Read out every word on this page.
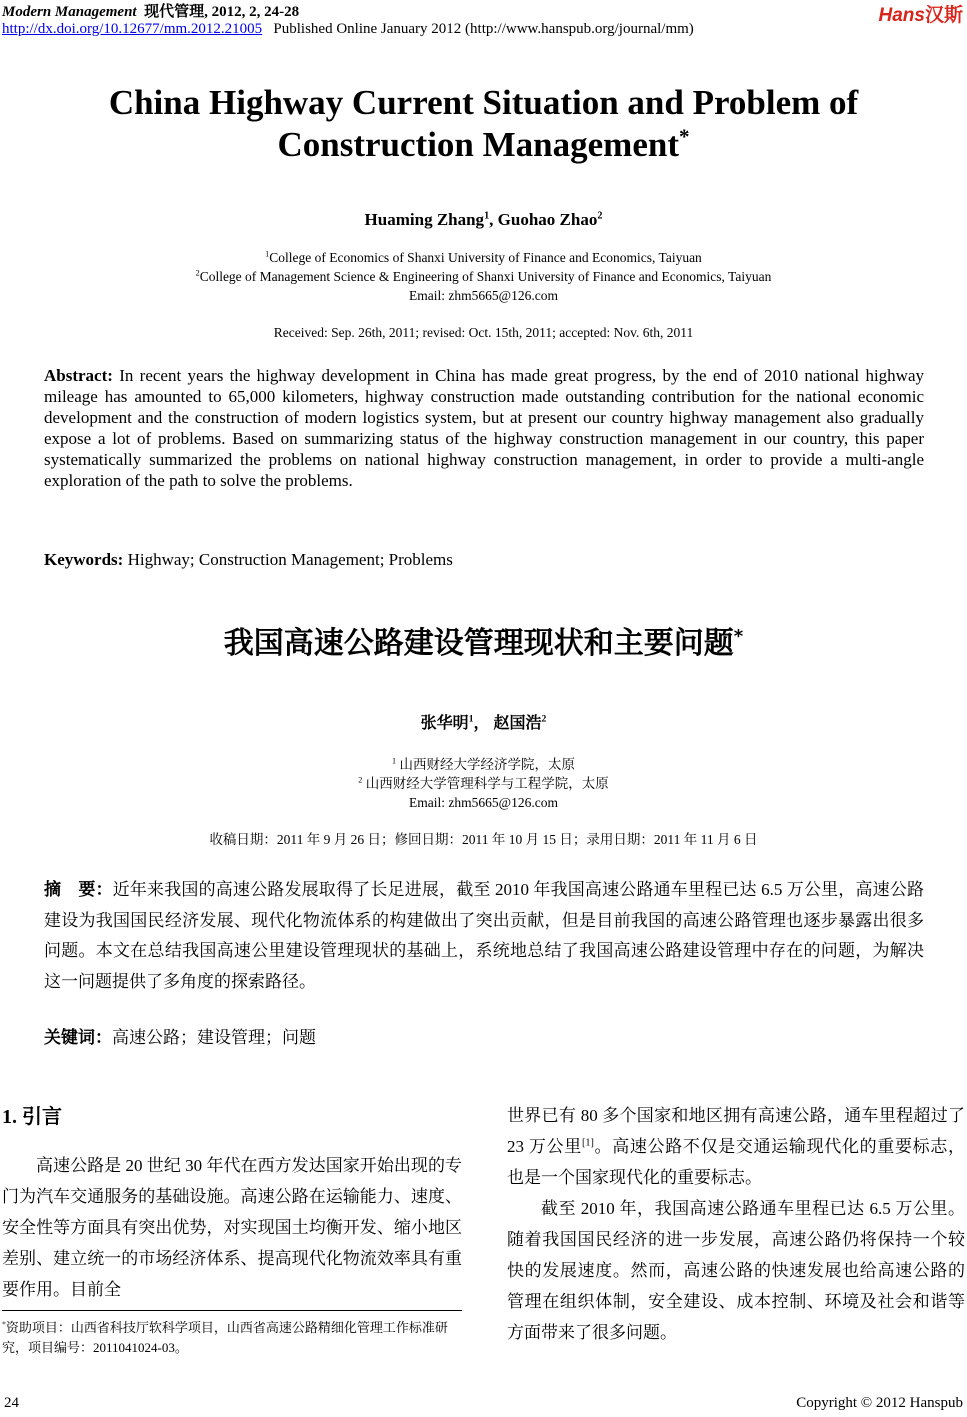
Modern Management 现代管理, 2012, 2, 24-28
http://dx.doi.org/10.12677/mm.2012.21005 Published Online January 2012 (http://www.hanspub.org/journal/mm)
Hans汉斯
China Highway Current Situation and Problem of
Construction Management*
Huaming Zhang$^1$, Guohao Zhao$^2$
$^1$College of Economics of Shanxi University of Finance and Economics, Taiyuan
$^2$College of Management Science & Engineering of Shanxi University of Finance and Economics, Taiyuan
Email: zhm5665@126.com
Received: Sep. 26th, 2011; revised: Oct. 15th, 2011; accepted: Nov. 6th, 2011
Abstract: In recent years the highway development in China has made great progress, by the end of 2010 national highway mileage has amounted to 65,000 kilometers, highway construction made outstanding contribution for the national economic development and the construction of modern logistics system, but at present our country highway management also gradually expose a lot of problems. Based on summarizing status of the highway construction management in our country, this paper systematically summarized the problems on national highway construction management, in order to provide a multi-angle exploration of the path to solve the problems.
Keywords: Highway; Construction Management; Problems
我国高速公路建设管理现状和主要问题*
张华明$^1$， 赵国浩$^2$
$^1$ 山西财经大学经济学院，太原
$^2$ 山西财经大学管理科学与工程学院，太原
Email: zhm5665@126.com
收稿日期：2011 年 9 月 26 日；修回日期：2011 年 10 月 15 日；录用日期：2011 年 11 月 6 日
摘　要：近年来我国的高速公路发展取得了长足进展，截至 2010 年我国高速公路通车里程已达 6.5 万公里，高速公路建设为我国国民经济发展、现代化物流体系的构建做出了突出贡献，但是目前我国的高速公路管理也逐步暴露出很多问题。本文在总结我国高速公里建设管理现状的基础上，系统地总结了我国高速公路建设管理中存在的问题，为解决这一问题提供了多角度的探索路径。
关键词：高速公路；建设管理；问题
1. 引言

高速公路是 20 世纪 30 年代在西方发达国家开始出现的专门为汽车交通服务的基础设施。高速公路在运输能力、速度、安全性等方面具有突出优势，对实现国土均衡开发、缩小地区差别、建立统一的市场经济体系、提高现代化物流效率具有重要作用。目前全

世界已有 80 多个国家和地区拥有高速公路，通车里程超过了 23 万公里[1]。高速公路不仅是交通运输现代化的重要标志，也是一个国家现代化的重要标志。

截至 2010 年，我国高速公路通车里程已达 6.5 万公里。随着我国国民经济的进一步发展，高速公路仍将保持一个较快的发展速度。然而，高速公路的快速发展也给高速公路的管理在组织体制，安全建设、成本控制、环境及社会和谐等方面带来了很多问题。

*资助项目：山西省科技厅软科学项目，山西省高速公路精细化管理工作标准研究，项目编号：2011041024-03。
24	Copyright © 2012 Hanspub
